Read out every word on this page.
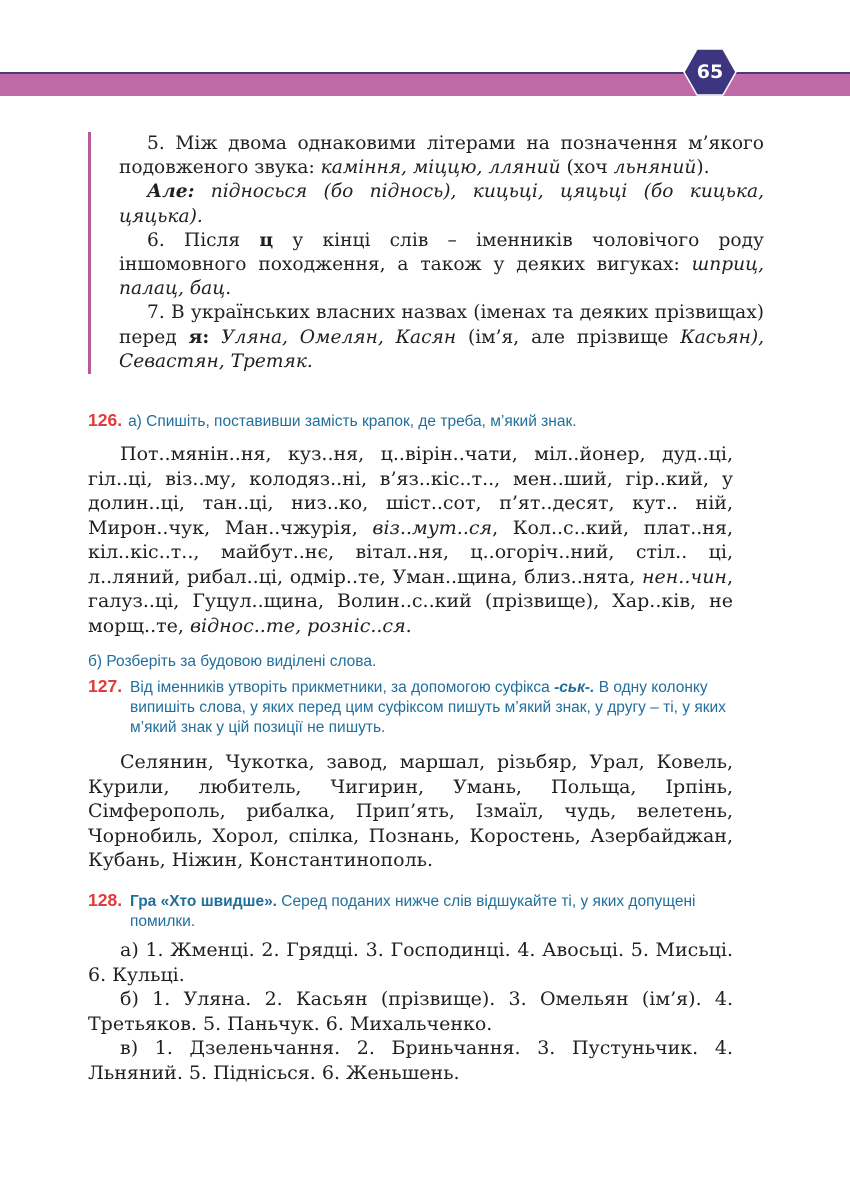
65

5. Між двома однаковими літерами на позначення м’якого подовженого звука: каміння, міццю, лляний (хоч льняний).

Але: підносься (бо піднось), кицьці, цяцьці (бо кицька, цяцька).

6. Після ц у кінці слів – іменників чоловічого роду іншомовного походження, а також у деяких вигуках: шприц, палац, бац.

7. В українських власних назвах (іменах та деяких прізвищах) перед я: Уляна, Омелян, Касян (ім’я, але прізвище Касьян), Севастян, Третяк.

126. а) Спишіть, поставивши замість крапок, де треба, м’який знак.
Пот..мянін..ня, куз..ня, ц..вірін..чати, міл..йонер, дуд..ці, гіл..ці, віз..му, колодяз..ні, в’яз..кіс..т.., мен..ший, гір..кий, у долин..ці, тан..ці, низ..ко, шіст..сот, п’ят..десят, кут.. ній, Мирон..чук, Ман..чжурія, віз..мут..ся, Кол..с..кий, плат..ня, кіл..кіс..т.., майбут..нє, вітал..ня, ц..огоріч..ний, стіл.. ці, л..ляний, рибал..ці, одмір..те, Уман..щина, близ..нята, нен..чин, галуз..ці, Гуцул..щина, Волин..с..кий (прізвище), Хар..ків, не морщ..те, віднос..те, розніс..ся.
б) Розберіть за будовою виділені слова.
127. Від іменників утворіть прикметники, за допомогою суфікса -ськ-. В одну колонку випишіть слова, у яких перед цим суфіксом пишуть м’який знак, у другу – ті, у яких м’який знак у цій позиції не пишуть.
Селянин, Чукотка, завод, маршал, різьбяр, Урал, Ковель, Курили, любитель, Чигирин, Умань, Польща, Ірпінь, Сімферополь, рибалка, Прип’ять, Ізмаїл, чудь, велетень, Чорнобиль, Хорол, спілка, Познань, Коростень, Азербайджан, Кубань, Ніжин, Константинополь.
128. Гра «Хто швидше». Серед поданих нижче слів відшукайте ті, у яких допущені помилки.

а) 1. Жменці. 2. Грядці. 3. Господинці. 4. Авосьці. 5. Мисьці. 6. Кульці.

б) 1. Уляна. 2. Касьян (прізвище). 3. Омельян (ім’я). 4. Третьяков. 5. Паньчук. 6. Михальченко.

в) 1. Дзеленьчання. 2. Бриньчання. 3. Пустуньчик. 4. Льняний. 5. Піднісься. 6. Женьшень.
